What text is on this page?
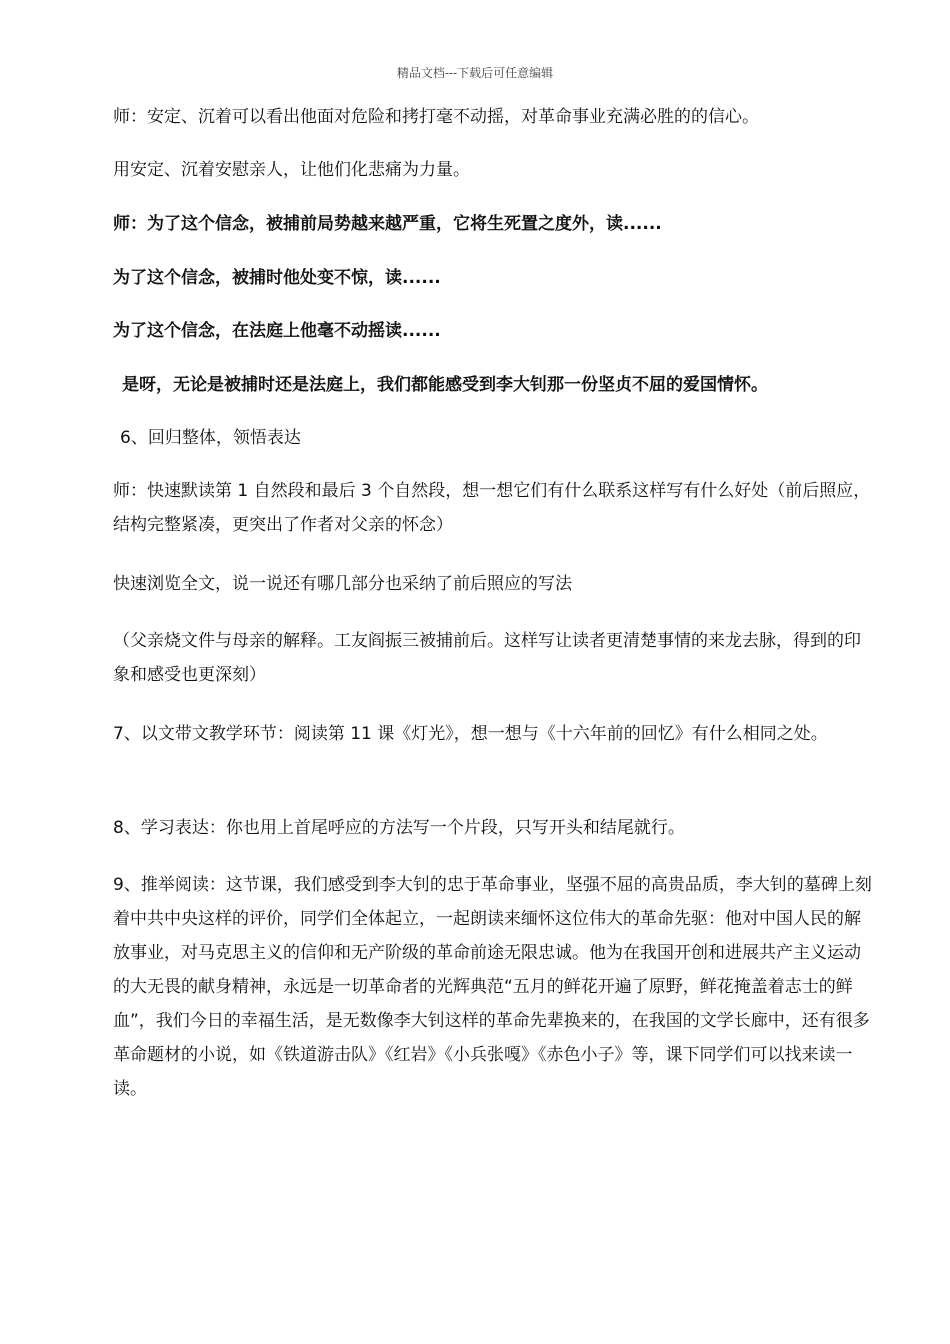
精品文档---下载后可任意编辑

师：安定、沉着可以看出他面对危险和拷打毫不动摇，对革命事业充满必胜的的信心。

用安定、沉着安慰亲人，让他们化悲痛为力量。

师：为了这个信念，被捕前局势越来越严重，它将生死置之度外，读......

为了这个信念，被捕时他处变不惊，读......

为了这个信念，在法庭上他毫不动摇读......

是呀，无论是被捕时还是法庭上，我们都能感受到李大钊那一份坚贞不屈的爱国情怀。

6、回归整体，领悟表达

师：快速默读第 1 自然段和最后 3 个自然段，想一想它们有什么联系这样写有什么好处（前后照应，结构完整紧凑，更突出了作者对父亲的怀念）

快速浏览全文，说一说还有哪几部分也采纳了前后照应的写法

（父亲烧文件与母亲的解释。工友阎振三被捕前后。这样写让读者更清楚事情的来龙去脉，得到的印象和感受也更深刻）

7、以文带文教学环节：阅读第 11 课《灯光》，想一想与《十六年前的回忆》有什么相同之处。

8、学习表达：你也用上首尾呼应的方法写一个片段，只写开头和结尾就行。

9、推举阅读：这节课，我们感受到李大钊的忠于革命事业，坚强不屈的高贵品质，李大钊的墓碑上刻着中共中央这样的评价，同学们全体起立，一起朗读来缅怀这位伟大的革命先驱：他对中国人民的解放事业，对马克思主义的信仰和无产阶级的革命前途无限忠诚。他为在我国开创和进展共产主义运动的大无畏的献身精神，永远是一切革命者的光辉典范“五月的鲜花开遍了原野，鲜花掩盖着志士的鲜血”，我们今日的幸福生活，是无数像李大钊这样的革命先辈换来的，在我国的文学长廊中，还有很多革命题材的小说，如《铁道游击队》《红岩》《小兵张嘎》《赤色小子》等，课下同学们可以找来读一读。
